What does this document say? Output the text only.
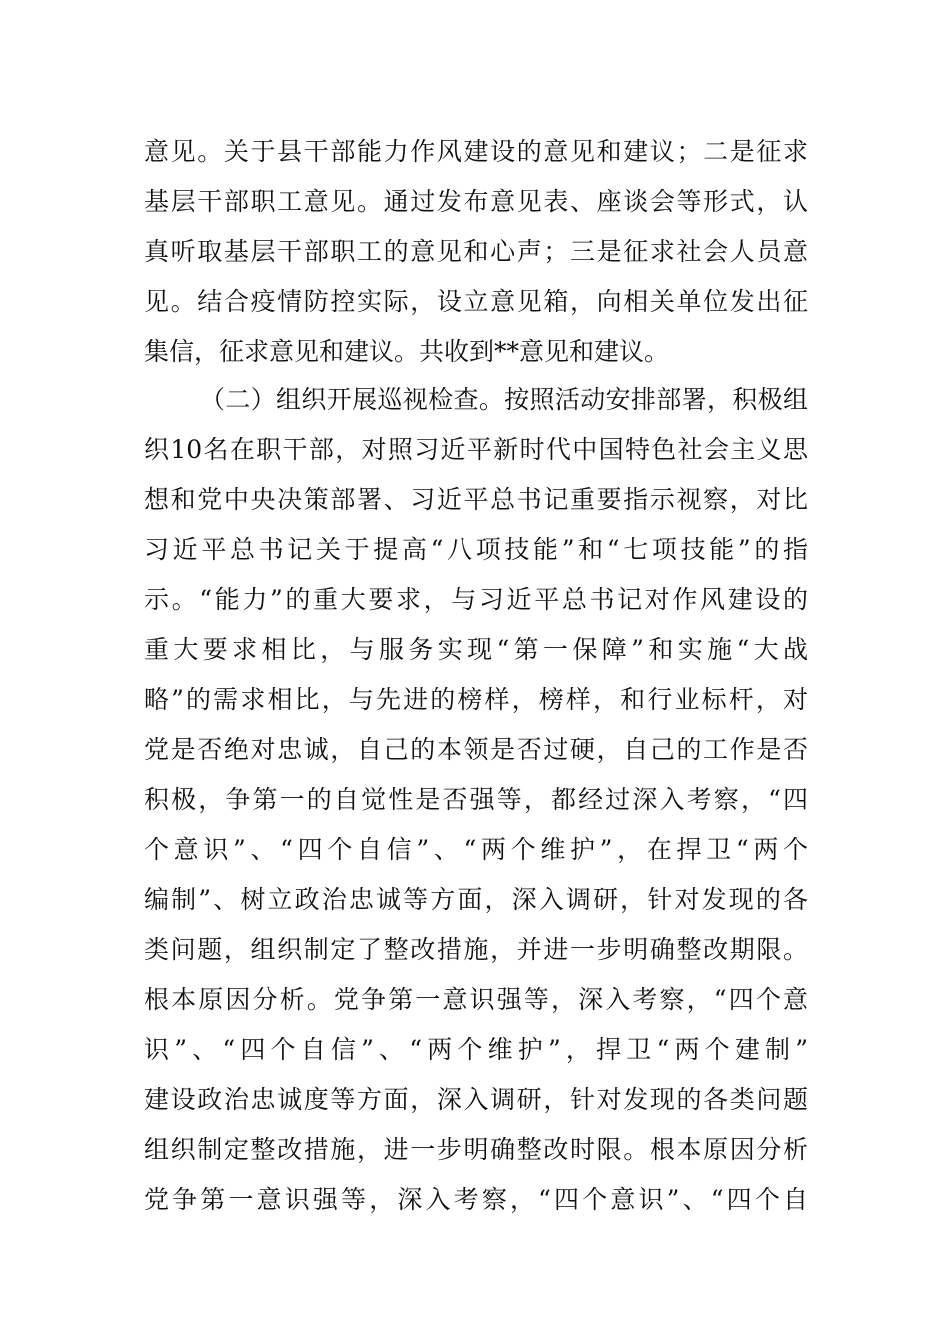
意见。关于县干部能力作风建设的意见和建议；二是征求
基层干部职工意见。通过发布意见表、座谈会等形式，认
真听取基层干部职工的意见和心声；三是征求社会人员意
见。结合疫情防控实际，设立意见箱，向相关单位发出征
集信，征求意见和建议。共收到**意见和建议。
（二）组织开展巡视检查。按照活动安排部署，积极组
织10名在职干部，对照习近平新时代中国特色社会主义思
想和党中央决策部署、习近平总书记重要指示视察，对比
习近平总书记关于提高“八项技能”和“七项技能”的指
示。“能力”的重大要求，与习近平总书记对作风建设的
重大要求相比，与服务实现“第一保障”和实施“大战
略”的需求相比，与先进的榜样，榜样，和行业标杆，对
党是否绝对忠诚，自己的本领是否过硬，自己的工作是否
积极，争第一的自觉性是否强等，都经过深入考察，“四
个意识”、“四个自信”、“两个维护”，在捍卫“两个
编制”、树立政治忠诚等方面，深入调研，针对发现的各
类问题，组织制定了整改措施，并进一步明确整改期限。
根本原因分析。党争第一意识强等，深入考察，“四个意
识”、“四个自信”、“两个维护”，捍卫“两个建制”
建设政治忠诚度等方面，深入调研，针对发现的各类问题
组织制定整改措施，进一步明确整改时限。根本原因分析
党争第一意识强等，深入考察，“四个意识”、“四个自
